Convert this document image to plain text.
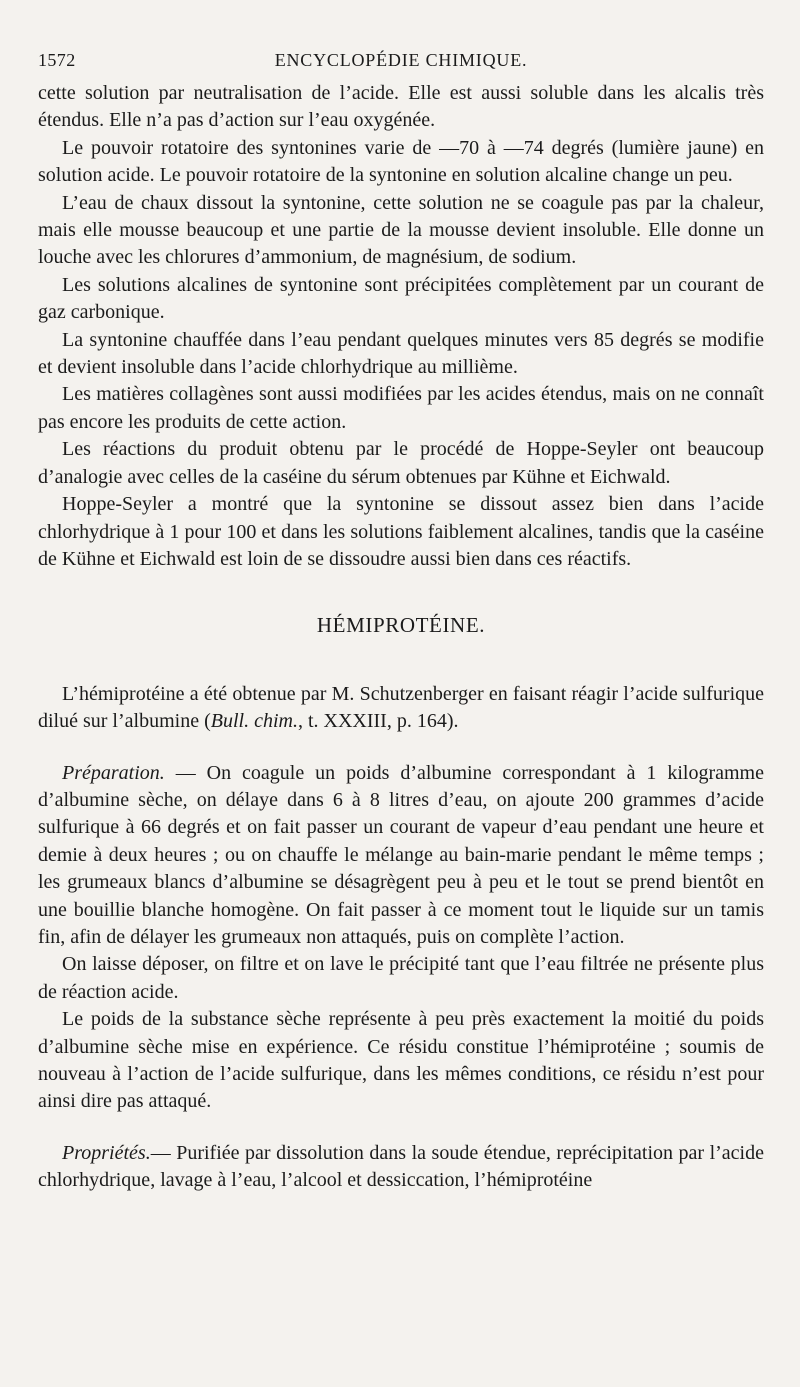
1572	ENCYCLOPÉDIE CHIMIQUE.

cette solution par neutralisation de l’acide. Elle est aussi soluble dans les alcalis très étendus. Elle n’a pas d’action sur l’eau oxygénée.

Le pouvoir rotatoire des syntonines varie de —70 à —74 degrés (lumière jaune) en solution acide. Le pouvoir rotatoire de la syntonine en solution alcaline change un peu.

L’eau de chaux dissout la syntonine, cette solution ne se coagule pas par la chaleur, mais elle mousse beaucoup et une partie de la mousse devient insoluble. Elle donne un louche avec les chlorures d’ammonium, de magnésium, de sodium.

Les solutions alcalines de syntonine sont précipitées complètement par un courant de gaz carbonique.

La syntonine chauffée dans l’eau pendant quelques minutes vers 85 degrés se modifie et devient insoluble dans l’acide chlorhydrique au millième.

Les matières collagènes sont aussi modifiées par les acides étendus, mais on ne connaît pas encore les produits de cette action.

Les réactions du produit obtenu par le procédé de Hoppe-Seyler ont beaucoup d’analogie avec celles de la caséine du sérum obtenues par Kühne et Eichwald.

Hoppe-Seyler a montré que la syntonine se dissout assez bien dans l’acide chlorhydrique à 1 pour 100 et dans les solutions faiblement alcalines, tandis que la caséine de Kühne et Eichwald est loin de se dissoudre aussi bien dans ces réactifs.

HÉMIPROTÉINE.

L’hémiprotéine a été obtenue par M. Schutzenberger en faisant réagir l’acide sulfurique dilué sur l’albumine (Bull. chim., t. XXXIII, p. 164).

Préparation. — On coagule un poids d’albumine correspondant à 1 kilogramme d’albumine sèche, on délaye dans 6 à 8 litres d’eau, on ajoute 200 grammes d’acide sulfurique à 66 degrés et on fait passer un courant de vapeur d’eau pendant une heure et demie à deux heures ; ou on chauffe le mélange au bain-marie pendant le même temps ; les grumeaux blancs d’albumine se désagrègent peu à peu et le tout se prend bientôt en une bouillie blanche homogène. On fait passer à ce moment tout le liquide sur un tamis fin, afin de délayer les grumeaux non attaqués, puis on complète l’action.

On laisse déposer, on filtre et on lave le précipité tant que l’eau filtrée ne présente plus de réaction acide.

Le poids de la substance sèche représente à peu près exactement la moitié du poids d’albumine sèche mise en expérience. Ce résidu constitue l’hémiprotéine ; soumis de nouveau à l’action de l’acide sulfurique, dans les mêmes conditions, ce résidu n’est pour ainsi dire pas attaqué.

Propriétés.— Purifiée par dissolution dans la soude étendue, reprécipitation par l’acide chlorhydrique, lavage à l’eau, l’alcool et dessiccation, l’hémiprotéine
